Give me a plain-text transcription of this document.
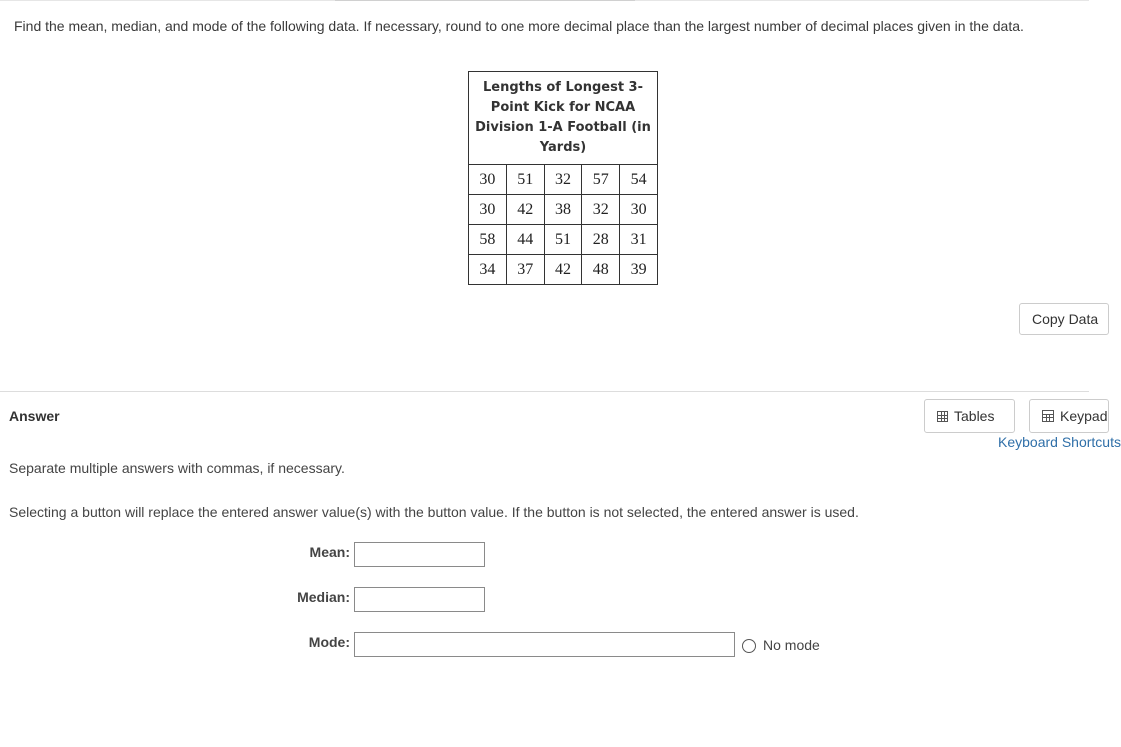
Find the mean, median, and mode of the following data. If necessary, round to one more decimal place than the largest number of decimal places given in the data.
Lengths of Longest 3-Point Kick for NCAA Division 1-A Football (in Yards)				
30	51	32	57	54
30	42	38	32	30
58	44	51	28	31
34	37	42	48	39
Copy Data
Answer	Tables	Keypad
Keyboard Shortcuts
Separate multiple answers with commas, if necessary.
Selecting a button will replace the entered answer value(s) with the button value. If the button is not selected, the entered answer is used.
Mean:
Median:
Mode:	No mode
